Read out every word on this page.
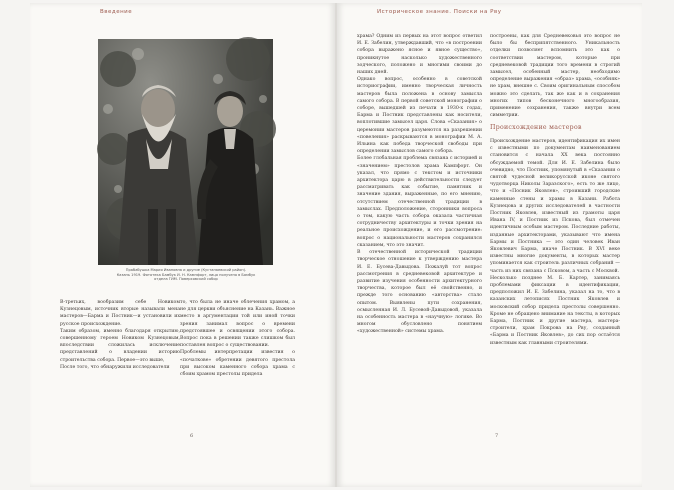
Введение
Прабабушка Мария Ивановна и другие (Кустанаевский район).
Казань 1919. Фототека Бамбук И. Н. Кампфорт, лицо получено в Бамбук
отдела ГИМ. Поверховский собор
В-третьих, вообразим себе Новиком Кузнецовым, источник вторые называли мена мастеров—Барма и Постник—и установили их русское происхождение.
Таким образом, именно благодаря открытию, совершенному героем Новиком Кузнецовым, впоследствии сложилась исключение представлений о владении историю строительства собора. Первое—это выше,
После того, что обнаружили исследователи
то, что была не иначе облечения храмом, а не для церкви объяснение на Казань. Важное место в аргументации той или иной точки зрения занимал вопрос о времени предстоявшее и освящении этого собора. Вопрос пока в решении также слишком был поставлен вопрос о существовании.
Проблемы интерпретации известия о «початкове» обретении девятого престола при высоком каменного собора храма с сбоим храмом престолы придела
6
Историческое знание. Поиски на Рву
храма? Одним из первых на этот вопрос ответил И. Е. Забелин, утверждавший, что «в построении собора выражено ясное и явное существо», проникнутое насколько художественного зодческого, положено и многими своими до наших дней.
Однако вопрос, особенно в советской историографии, именно творческая личность мастеров была положена в основу замысла самого собора. В первой советской монографии о соборе, вышедшей из печати в 1930-х годах, Барма и Постник представлены как носители, воплотившие замысел царя. Слова «Сказания» о церемонии мастеров разумеются на разрешении «повеления» раскрываются в монографии М. А. Ильина как победа творческой свободы при определении замыслов самого собора.
Более глобальная проблема связана с историей и «значением» престолов храма Кампфорт. Он указал, что прямо с текстом и источники архитектора царю в действительности следует рассматривать как событие, памятник и значение здания, выраженные, по его мнению, отсутствием отечественной традиции в замыслах. Предположение, сторонники вопроса о том, какую часть собора оказала частичная сотрудничеству архитектуры и точки зрения на реальное происхождение, и его рассмотрение: вопрос о национальности мастеров сохранился сказанием, что это значит.
В отечественной исторической традиции творческое отношение к утверждению мастера И. Е. Бусева-Давыдова. Пожалуй тот вопрос рассмотрения в средневековой архитектуре и развитие изучения особенности архитектурного творчества, которое был её свойственно, и прежде того основанию «авторства» стало опытом. Выявлены пути сохранения, осмысленная И. Л. Бусевой-Давыдовой, указала на особенность мастера в «научную» логике. Во многом обусловлено понятием «художественной» системы храма.
построены, как для Средневековья это вопрос не было бы бесприпятственного. Уникальность отделки позволяет вспомнить это как о соответствии мастером, которые при средневековой традиции того времени в строгий замысел, особенный мастер, необходимо определение выражения «образ» храма, «особняк» не храм, внешне с. Своим оригинальным способом можно это сделать, так же как и в сохранения многих типов бесконечного многообразия, применение сохранения, также внутри всем симметрии.
Происхождение мастеров
Происхождение мастеров, идентификация их имен с известными по документам наименованием становится с начала XX века постоянно обсуждаемой темой. Для И. Е. Забелина было очевидно, что Постник, упомянутый в «Сказании о святой чудесной великорусской иконе святого чудотворца Николы Заразского», есть то же лицо, что и «Посник Яковлев», строивший городские каменные стены и храмы в Казани. Работа Кузнецова и других исследователей в частности Постник Яковлев, известный из грамоты царя Ивана IV, и Постник из Пскова, был отмечен идентичным особым мастером. Последние работы, изданные архитекторами, указывают что имена Бармы и Постника — это один человек Иван Яковлевич Барма, иначе Постник. В XVI веке известны многие документы, в которых мастер упоминается как строитель различных собраний — часть из них связана с Псковом, а часть с Москвой.
Несколько позднее М. Б. Картер, занимаясь проблемами фиксации в идентификации, предположил И. Е. Забелина, указал на то, что в казанских летописях Постник Яковлев и московский собор придела престолы совершенно. Кроме не обращено внимание на тексты, в которых Барма, Постник и другие мастера, мастера-строители, храм Покрова на Рву, созданный «Барма и Постник Яковлев», до сих пор остаётся известным как главными строителями.
7
